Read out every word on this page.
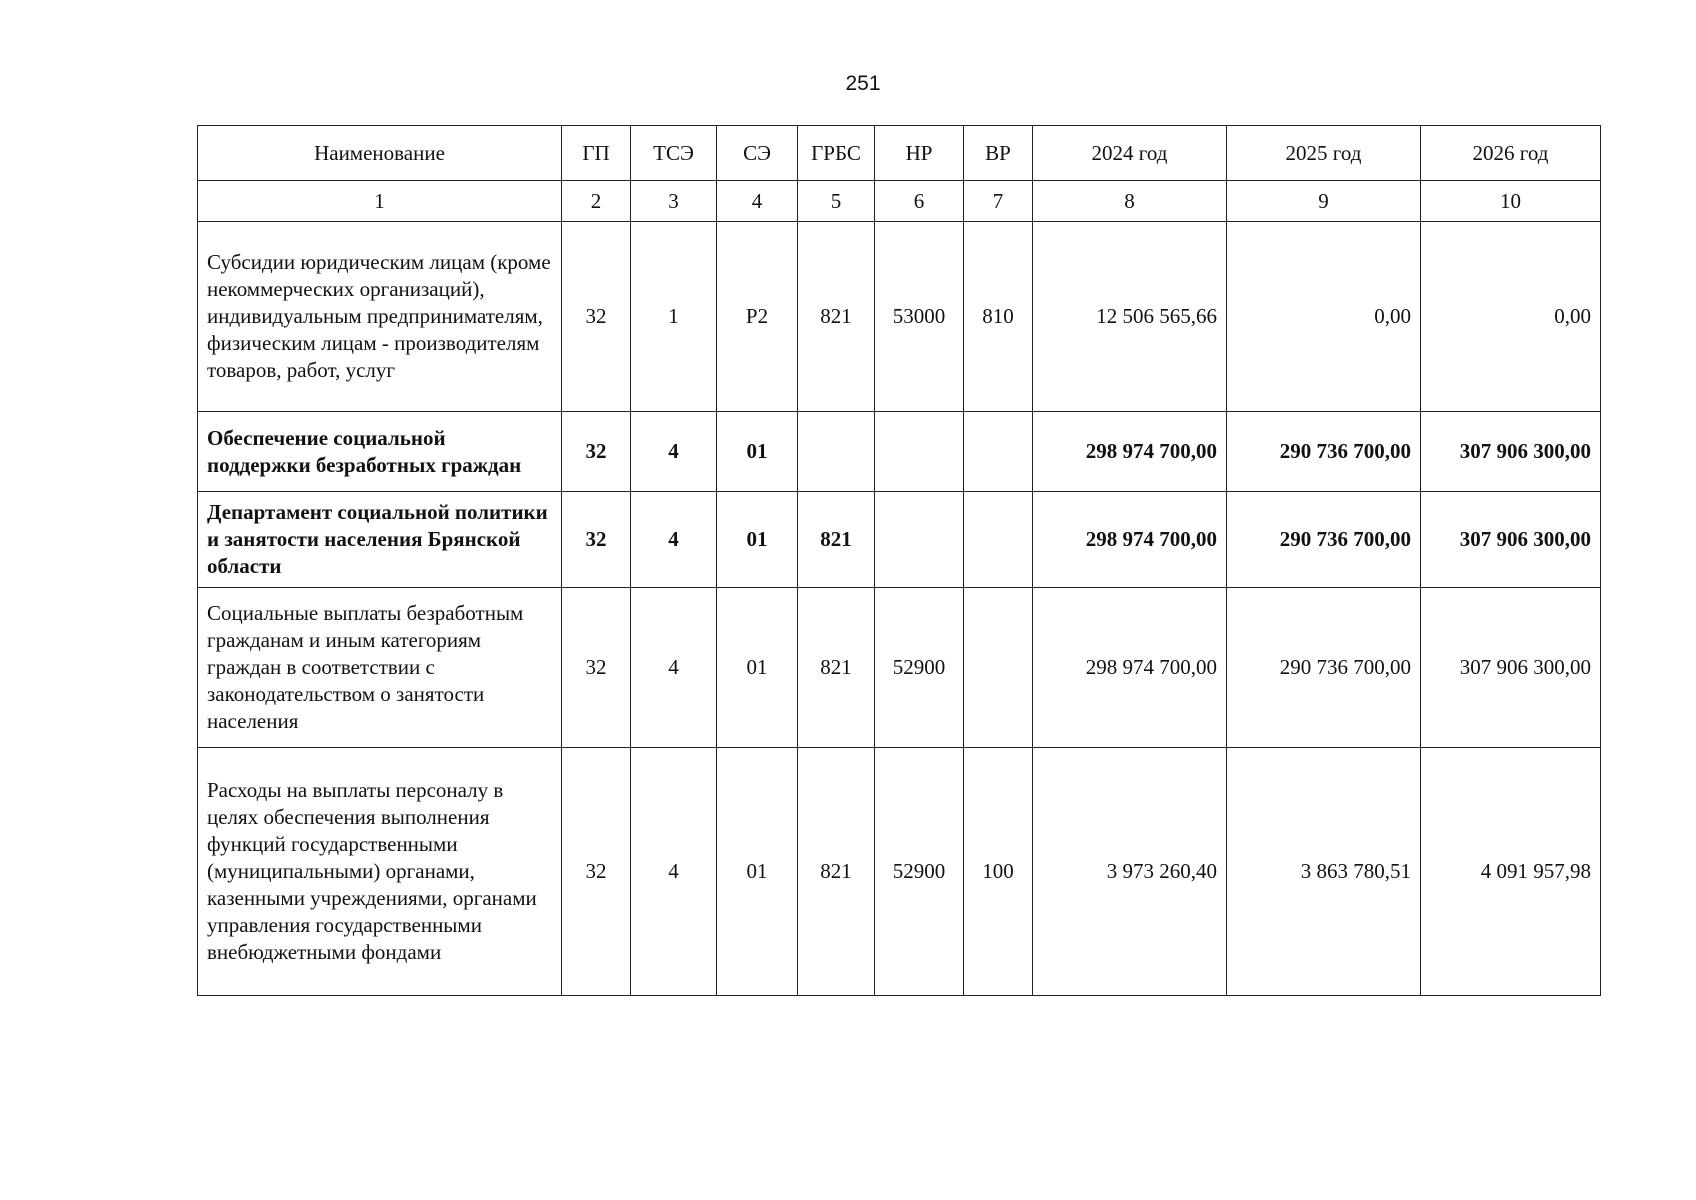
251
Наименование	ГП	ТСЭ	СЭ	ГРБС	НР	ВР	2024 год	2025 год	2026 год
1	2	3	4	5	6	7	8	9	10
Субсидии юридическим лицам (кроме некоммерческих организаций), индивидуальным предпринимателям, физическим лицам - производителям товаров, работ, услуг	32	1	Р2	821	53000	810	12 506 565,66	0,00	0,00
Обеспечение социальной поддержки безработных граждан	32	4	01				298 974 700,00	290 736 700,00	307 906 300,00
Департамент социальной политики и занятости населения Брянской области	32	4	01	821			298 974 700,00	290 736 700,00	307 906 300,00
Социальные выплаты безработным гражданам и иным категориям граждан в соответствии с законодательством о занятости населения	32	4	01	821	52900		298 974 700,00	290 736 700,00	307 906 300,00
Расходы на выплаты персоналу в целях обеспечения выполнения функций государственными (муниципальными) органами, казенными учреждениями, органами управления государственными внебюджетными фондами	32	4	01	821	52900	100	3 973 260,40	3 863 780,51	4 091 957,98
